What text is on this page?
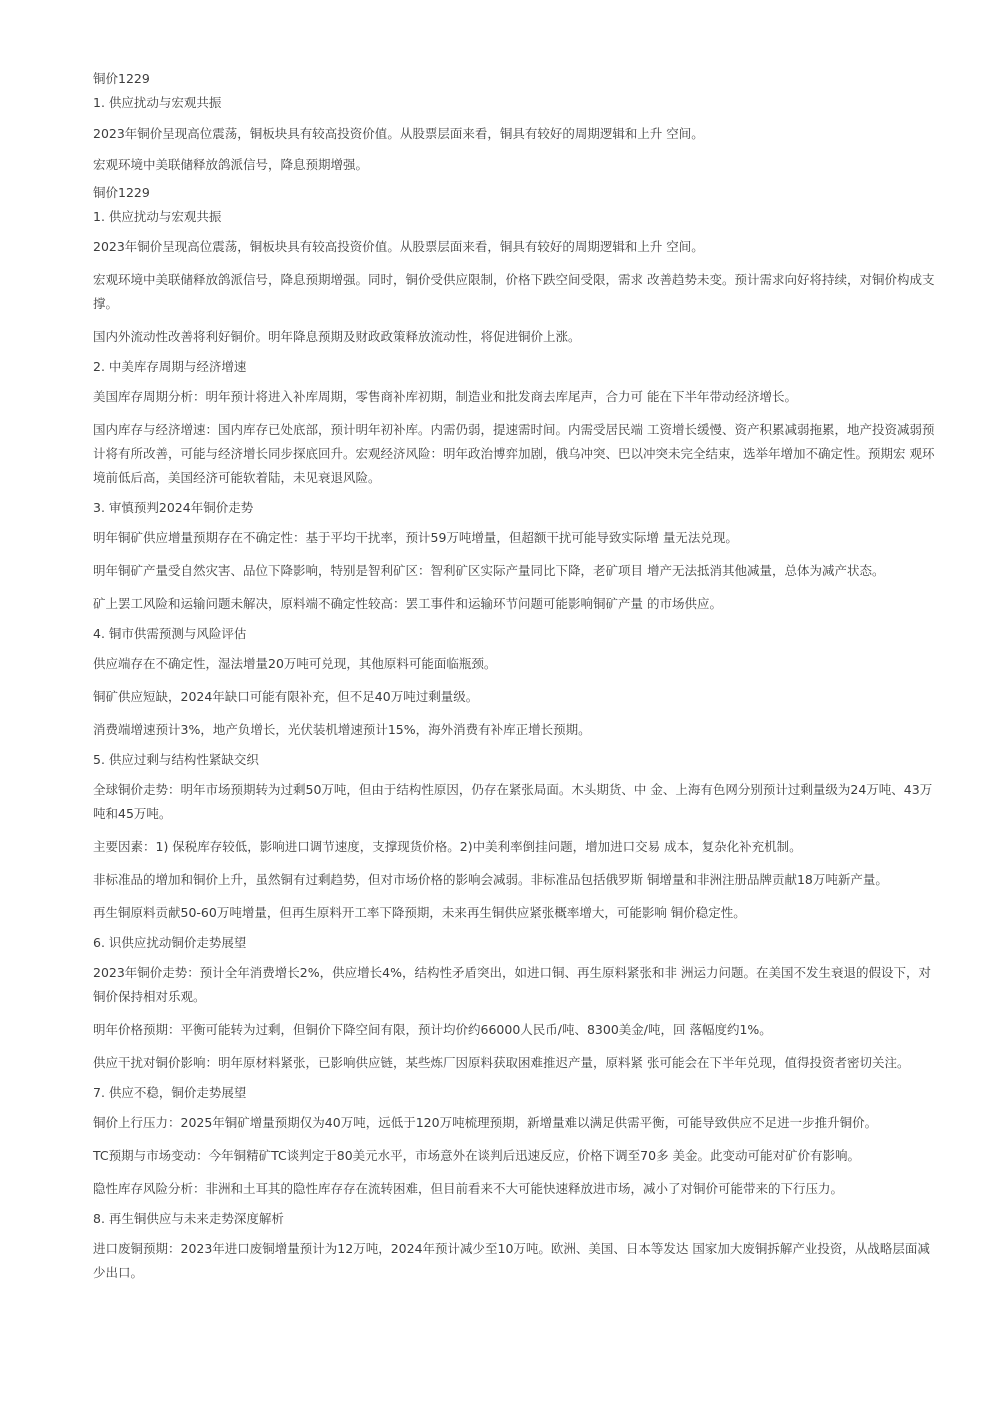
铜价1229
1. 供应扰动与宏观共振
2023年铜价呈现高位震荡，铜板块具有较高投资价值。从股票层面来看，铜具有较好的周期逻辑和上升 空间。
宏观环境中美联储释放鸽派信号，降息预期增强。
铜价1229
1. 供应扰动与宏观共振
2023年铜价呈现高位震荡，铜板块具有较高投资价值。从股票层面来看，铜具有较好的周期逻辑和上升 空间。
宏观环境中美联储释放鸽派信号，降息预期增强。同时，铜价受供应限制，价格下跌空间受限，需求 改善趋势未变。预计需求向好将持续，对铜价构成支撑。
国内外流动性改善将利好铜价。明年降息预期及财政政策释放流动性，将促进铜价上涨。
2. 中美库存周期与经济增速
美国库存周期分析：明年预计将进入补库周期，零售商补库初期，制造业和批发商去库尾声，合力可 能在下半年带动经济增长。
国内库存与经济增速：国内库存已处底部，预计明年初补库。内需仍弱，提速需时间。内需受居民端 工资增长缓慢、资产积累减弱拖累，地产投资减弱预计将有所改善，可能与经济增长同步探底回升。宏观经济风险：明年政治博弈加剧，俄乌冲突、巴以冲突未完全结束，选举年增加不确定性。预期宏 观环境前低后高，美国经济可能软着陆，未见衰退风险。
3. 审慎预判2024年铜价走势
明年铜矿供应增量预期存在不确定性：基于平均干扰率，预计59万吨增量，但超额干扰可能导致实际增 量无法兑现。
明年铜矿产量受自然灾害、品位下降影响，特别是智利矿区：智利矿区实际产量同比下降，老矿项目 增产无法抵消其他减量，总体为减产状态。
矿上罢工风险和运输问题未解决，原料端不确定性较高：罢工事件和运输环节问题可能影响铜矿产量 的市场供应。
4. 铜市供需预测与风险评估
供应端存在不确定性，湿法增量20万吨可兑现，其他原料可能面临瓶颈。
铜矿供应短缺，2024年缺口可能有限补充，但不足40万吨过剩量级。
消费端增速预计3%，地产负增长，光伏装机增速预计15%，海外消费有补库正增长预期。
5. 供应过剩与结构性紧缺交织
全球铜价走势：明年市场预期转为过剩50万吨，但由于结构性原因，仍存在紧张局面。木头期货、中 金、上海有色网分别预计过剩量级为24万吨、43万吨和45万吨。
主要因素：1) 保税库存较低，影响进口调节速度，支撑现货价格。2)中美利率倒挂问题，增加进口交易 成本，复杂化补充机制。
非标准品的增加和铜价上升，虽然铜有过剩趋势，但对市场价格的影响会减弱。非标准品包括俄罗斯 铜增量和非洲注册品牌贡献18万吨新产量。
再生铜原料贡献50-60万吨增量，但再生原料开工率下降预期，未来再生铜供应紧张概率增大，可能影响 铜价稳定性。
6. 识供应扰动铜价走势展望
2023年铜价走势：预计全年消费增长2%，供应增长4%，结构性矛盾突出，如进口铜、再生原料紧张和非 洲运力问题。在美国不发生衰退的假设下，对铜价保持相对乐观。
明年价格预期：平衡可能转为过剩，但铜价下降空间有限，预计均价约66000人民币/吨、8300美金/吨，回 落幅度约1%。
供应干扰对铜价影响：明年原材料紧张，已影响供应链，某些炼厂因原料获取困难推迟产量，原料紧 张可能会在下半年兑现，值得投资者密切关注。
7. 供应不稳，铜价走势展望
铜价上行压力：2025年铜矿增量预期仅为40万吨，远低于120万吨梳理预期，新增量难以满足供需平衡，可能导致供应不足进一步推升铜价。
TC预期与市场变动：今年铜精矿TC谈判定于80美元水平，市场意外在谈判后迅速反应，价格下调至70多 美金。此变动可能对矿价有影响。
隐性库存风险分析：非洲和土耳其的隐性库存存在流转困难，但目前看来不大可能快速释放进市场，减小了对铜价可能带来的下行压力。
8. 再生铜供应与未来走势深度解析
进口废铜预期：2023年进口废铜增量预计为12万吨，2024年预计减少至10万吨。欧洲、美国、日本等发达 国家加大废铜拆解产业投资，从战略层面减少出口。
